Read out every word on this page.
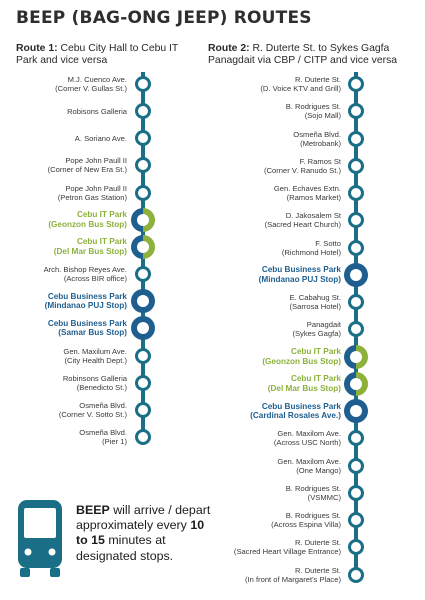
BEEP (BAG-ONG JEEP) ROUTES
Route 1: Cebu City Hall to Cebu IT Park and vice versa
Route 2: R. Duterte St. to Sykes Gagfa Panagdait via CBP / CITP and vice versa
M.J. Cuenco Ave.
(Corner V. Gullas St.)
Robisons Galleria
A. Soriano Ave.
Pope John Paull II
(Corner of New Era St.)
Pope John Paull II
(Petron Gas Station)
Cebu IT Park
(Geonzon Bus Stop)
Cebu IT Park
(Del Mar Bus Stop)
Arch. Bishop Reyes Ave.
(Across BIR office)
Cebu Business Park
(Mindanao PUJ Stop)
Cebu Business Park
(Samar Bus Stop)
Gen. Maxilum Ave.
(City Health Dept.)
Robinsons Galleria
(Benedicto St.)
Osmeña Blvd.
(Corner V. Sotto St.)
Osmeña Blvd.
(Pier 1)
R. Duterte St.
(D. Voice KTV and Grill)
B. Rodrigues St.
(Sojo Mall)
Osmeña Blvd.
(Metrobank)
F. Ramos St
(Corner V. Ranudo St.)
Gen. Echaves Extn.
(Ramos Market)
D. Jakosalem St
(Sacred Heart Church)
F. Sotto
(Richmond Hotel)
Cebu Business Park
(Mindanao PUJ Stop)
E. Cabahug St.
(Sarrosa Hotel)
Panagdait
(Sykes Gagfa)
Cebu IT Park
(Geonzon Bus Stop)
Cebu IT Park
(Del Mar Bus Stop)
Cebu Business Park
(Cardinal Rosales Ave.)
Gen. Maxilom Ave.
(Across USC North)
Gen. Maxilom Ave.
(One Mango)
B. Rodrigues St.
(VSMMC)
B. Rodrigues St.
(Across Espina Villa)
R. Duterte St.
(Sacred Heart Village Entrance)
R. Duterte St.
(In front of Margaret's Place)
BEEP will arrive / depart approximately every 10 to 15 minutes at designated stops.
